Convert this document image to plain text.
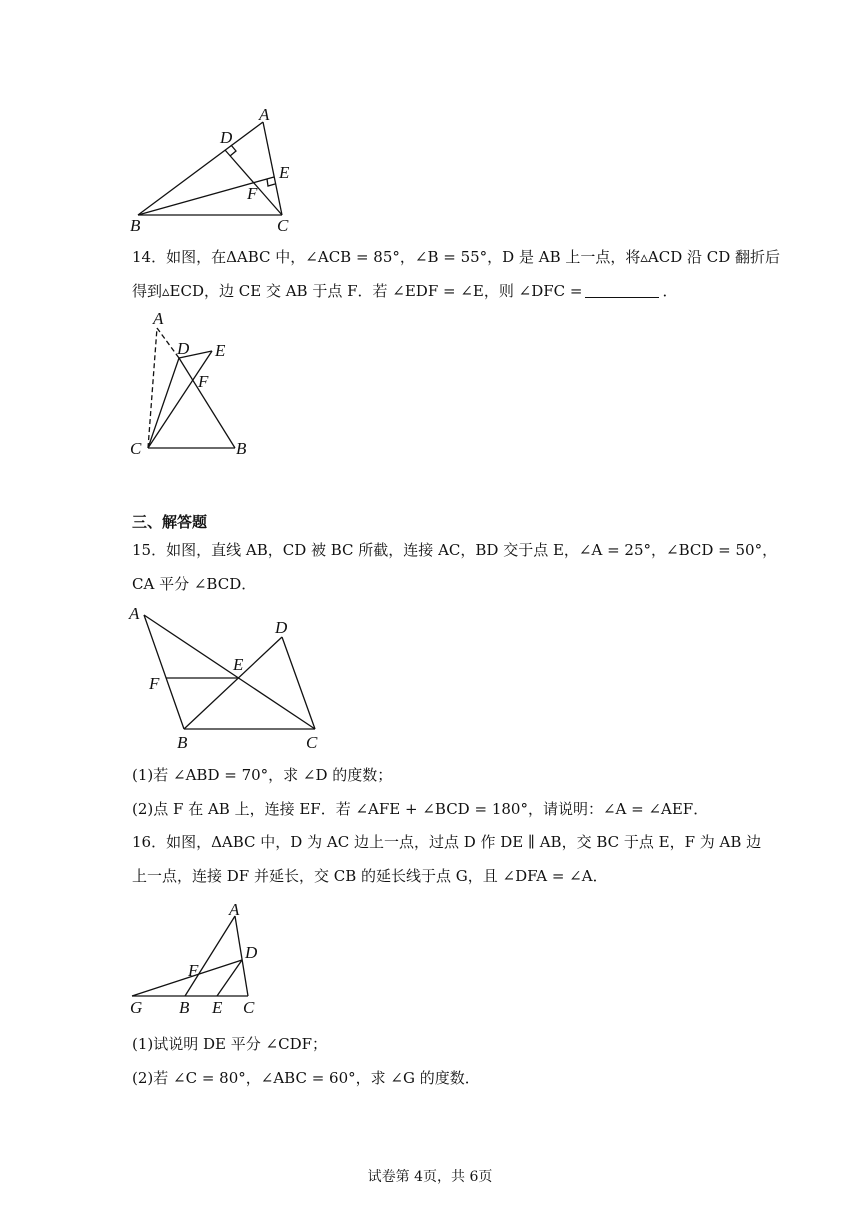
A
D
E
F
B	C
14．如图，在ΔABC 中，∠ACB = 85°，∠B = 55°，D 是 AB 上一点，将▵ACD 沿 CD 翻折后
得到▵ECD，边 CE 交 AB 于点 F．若 ∠EDF = ∠E，则 ∠DFC =	．
A
D E
F
C	B
三、解答题
15．如图，直线 AB，CD 被 BC 所截，连接 AC，BD 交于点 E，∠A = 25°，∠BCD = 50°，
CA 平分 ∠BCD．
A
D
E
F
B	C
(1)若 ∠ABD = 70°，求 ∠D 的度数；
(2)点 F 在 AB 上，连接 EF．若 ∠AFE + ∠BCD = 180°，请说明：∠A = ∠AEF．
16．如图，ΔABC 中，D 为 AC 边上一点，过点 D 作 DE ∥ AB，交 BC 于点 E，F 为 AB 边
上一点，连接 DF 并延长，交 CB 的延长线于点 G，且 ∠DFA = ∠A．
A
D
F
G B E C
(1)试说明 DE 平分 ∠CDF；
(2)若 ∠C = 80°，∠ABC = 60°，求 ∠G 的度数．
试卷第 4页，共 6页
